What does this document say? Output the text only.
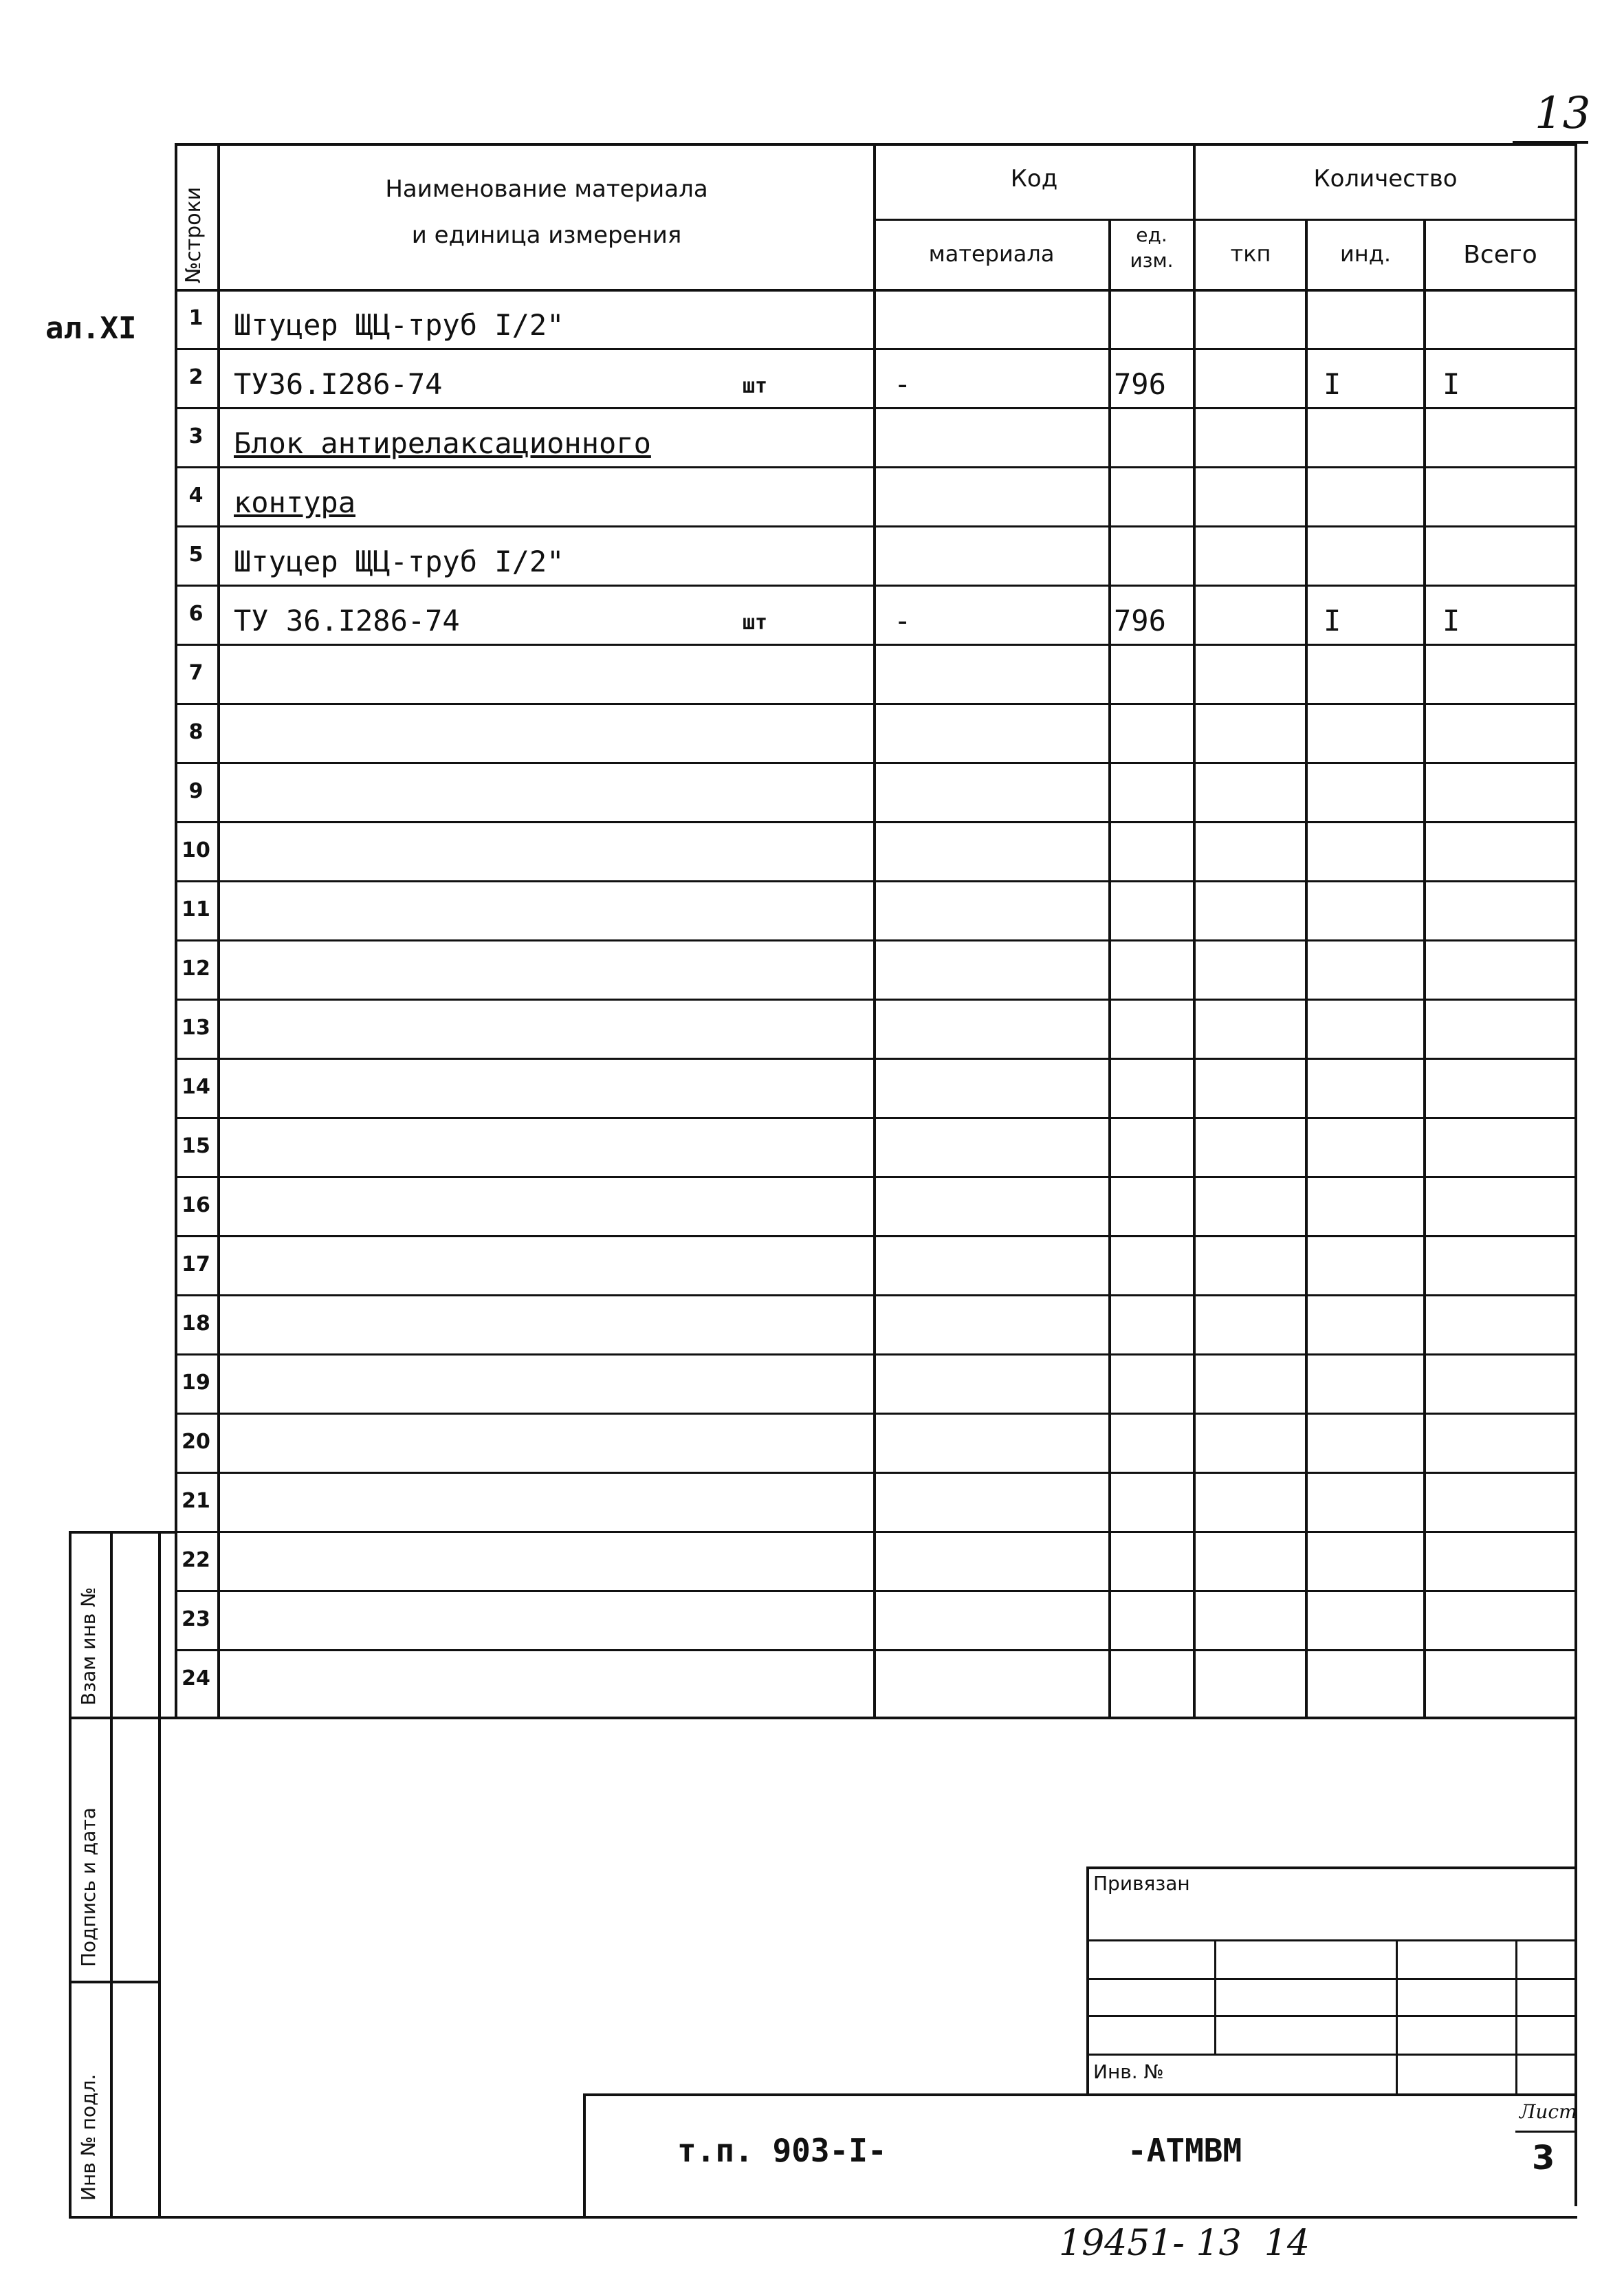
13
ал.XI
№строки	Наименование материала
и единица измерения
Код
материала
ед.
изм.
Количество
ткп	инд.	Всего
1
2
3
4
5
6
7
8
9
10
11
12
13
14
15
16
17
18
19
20
21
22
23
24
Штуцер ЩЦ-труб I/2"
ТУ36.I286-74	шт	-	796	I	I
Блок антирелаксационного
контура
Штуцер ЩЦ-труб I/2"
ТУ 36.I286-74	шт	-	796	I	I
Взам инв №
Подпись и дата
Инв № подл.
Привязан
Инв. №
т.п. 903-I-	-АТМВМ
Лист
3
19451- 13  14
